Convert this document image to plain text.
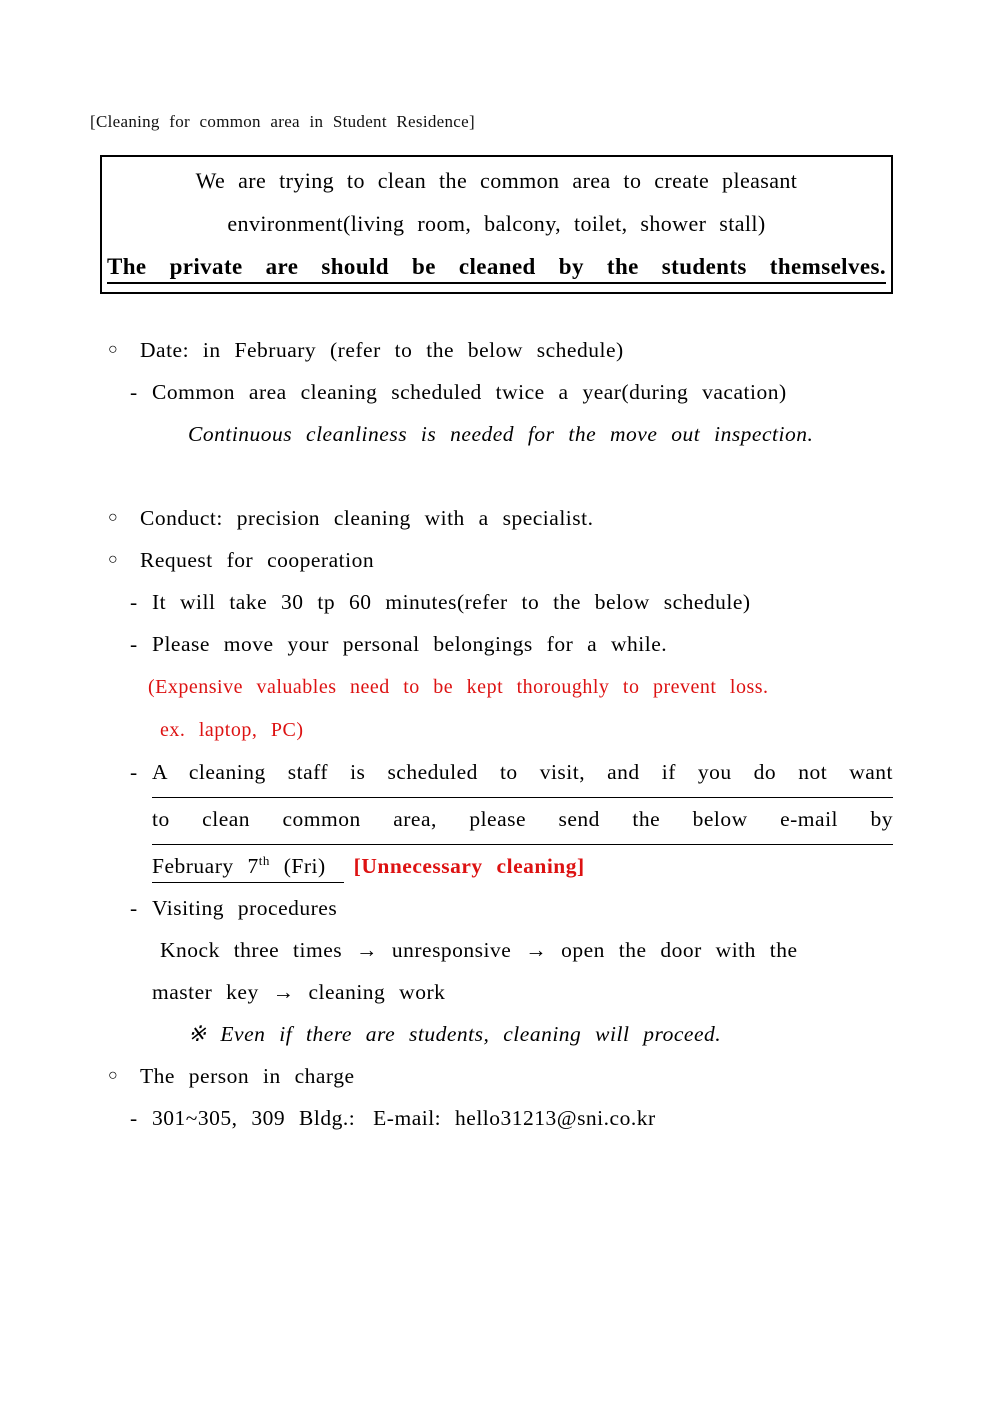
[Cleaning for common area in Student Residence]
We are trying to clean the common area to create pleasant
environment(living room, balcony, toilet, shower stall)
The private are should be cleaned by the students themselves.
○ Date: in February (refer to the below schedule)
- Common area cleaning scheduled twice a year(during vacation)
Continuous cleanliness is needed for the move out inspection.
○ Conduct: precision cleaning with a specialist.
○ Request for cooperation
- It will take 30 tp 60 minutes(refer to the below schedule)
- Please move your personal belongings for a while.
(Expensive valuables need to be kept thoroughly to prevent loss.
ex. laptop, PC)
- A cleaning staff is scheduled to visit, and if you do not want
to clean common area, please send the below e-mail by
February 7th (Fri) [Unnecessary cleaning]
- Visiting procedures
Knock three times → unresponsive → open the door with the
master key → cleaning work
※ Even if there are students, cleaning will proceed.
○ The person in charge
- 301~305, 309 Bldg.: E-mail: hello31213@sni.co.kr
